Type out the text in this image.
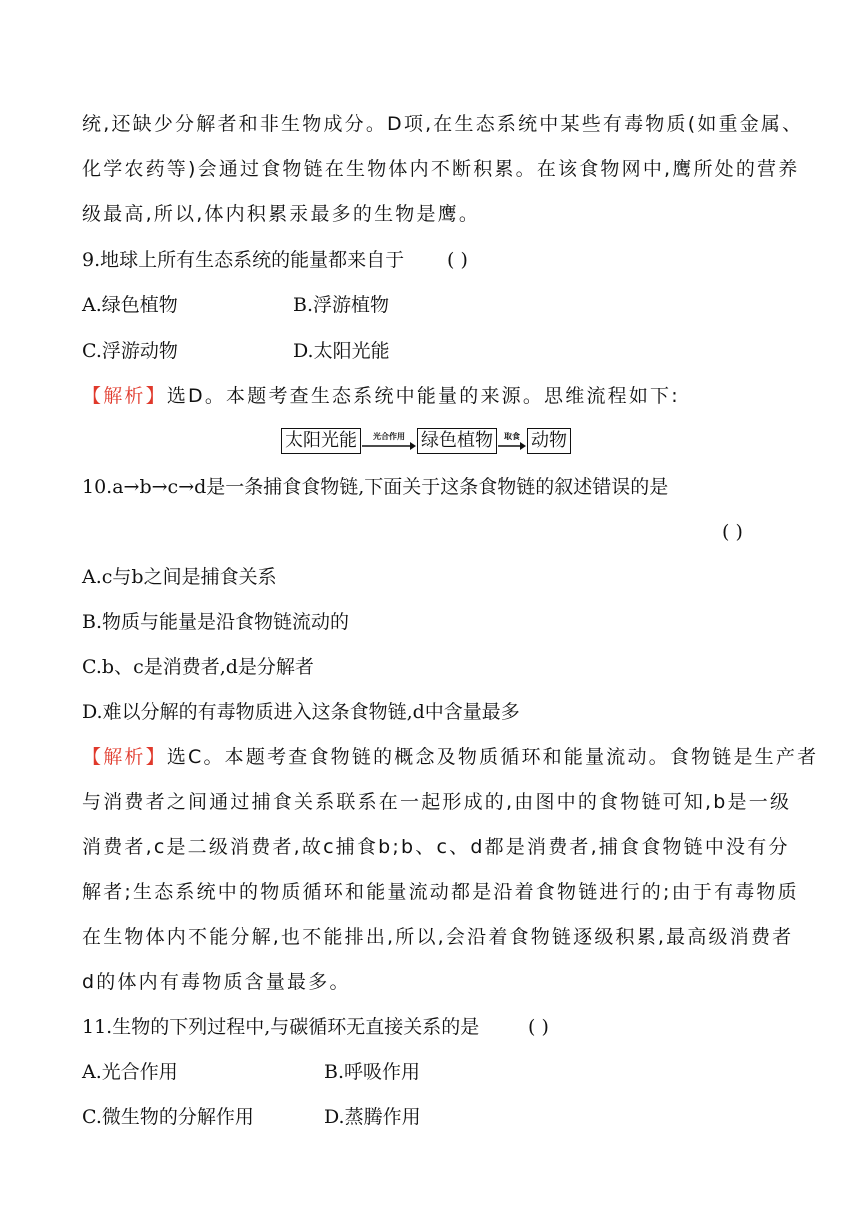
统,还缺少分解者和非生物成分。D项,在生态系统中某些有毒物质(如重金属、
化学农药等)会通过食物链在生物体内不断积累。在该食物网中,鹰所处的营养
级最高,所以,体内积累汞最多的生物是鹰。
9.地球上所有生态系统的能量都来自于 ( )
A.绿色植物	B.浮游植物
C.浮游动物	D.太阳光能
【解析】选D。本题考查生态系统中能量的来源。思维流程如下:
太阳光能	光合作用 绿色植物	取食 动物
10.a→b→c→d是一条捕食食物链,下面关于这条食物链的叙述错误的是
( )
A.c与b之间是捕食关系
B.物质与能量是沿食物链流动的
C.b、c是消费者,d是分解者
D.难以分解的有毒物质进入这条食物链,d中含量最多
【解析】选C。本题考查食物链的概念及物质循环和能量流动。食物链是生产者
与消费者之间通过捕食关系联系在一起形成的,由图中的食物链可知,b是一级
消费者,c是二级消费者,故c捕食b;b、c、d都是消费者,捕食食物链中没有分
解者;生态系统中的物质循环和能量流动都是沿着食物链进行的;由于有毒物质
在生物体内不能分解,也不能排出,所以,会沿着食物链逐级积累,最高级消费者
d的体内有毒物质含量最多。
11.生物的下列过程中,与碳循环无直接关系的是	( )
A.光合作用	B.呼吸作用
C.微生物的分解作用	D.蒸腾作用
